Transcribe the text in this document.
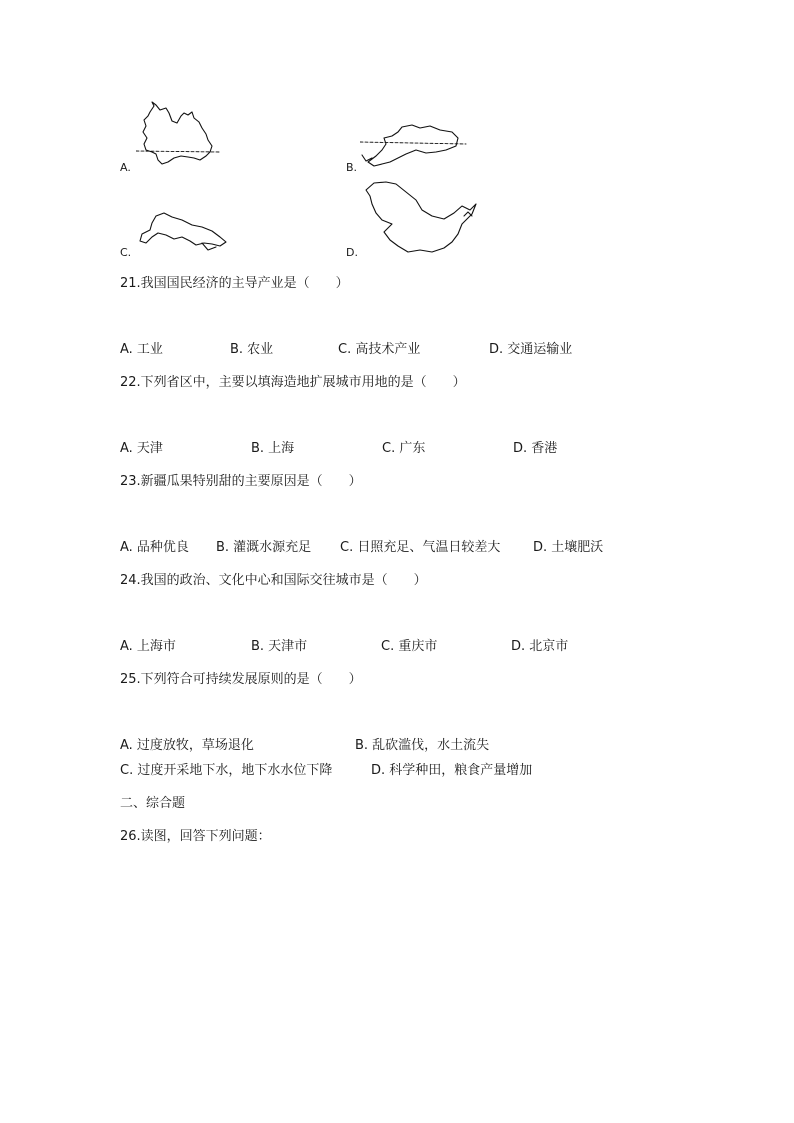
A.	B.
C.	D.
21.我国国民经济的主导产业是（　　）
A. 工业	B. 农业	C. 高技术产业	D. 交通运输业
22.下列省区中，主要以填海造地扩展城市用地的是（　　）
A. 天津	B. 上海	C. 广东	D. 香港
23.新疆瓜果特别甜的主要原因是（　　）
A. 品种优良 B. 灌溉水源充足 C. 日照充足、气温日较差大	D. 土壤肥沃
24.我国的政治、文化中心和国际交往城市是（　　）
A. 上海市	B. 天津市	C. 重庆市	D. 北京市
25.下列符合可持续发展原则的是（　　）
A. 过度放牧，草场退化	B. 乱砍滥伐，水土流失
C. 过度开采地下水，地下水水位下降	D. 科学种田，粮食产量增加
二、综合题
26.读图，回答下列问题：
